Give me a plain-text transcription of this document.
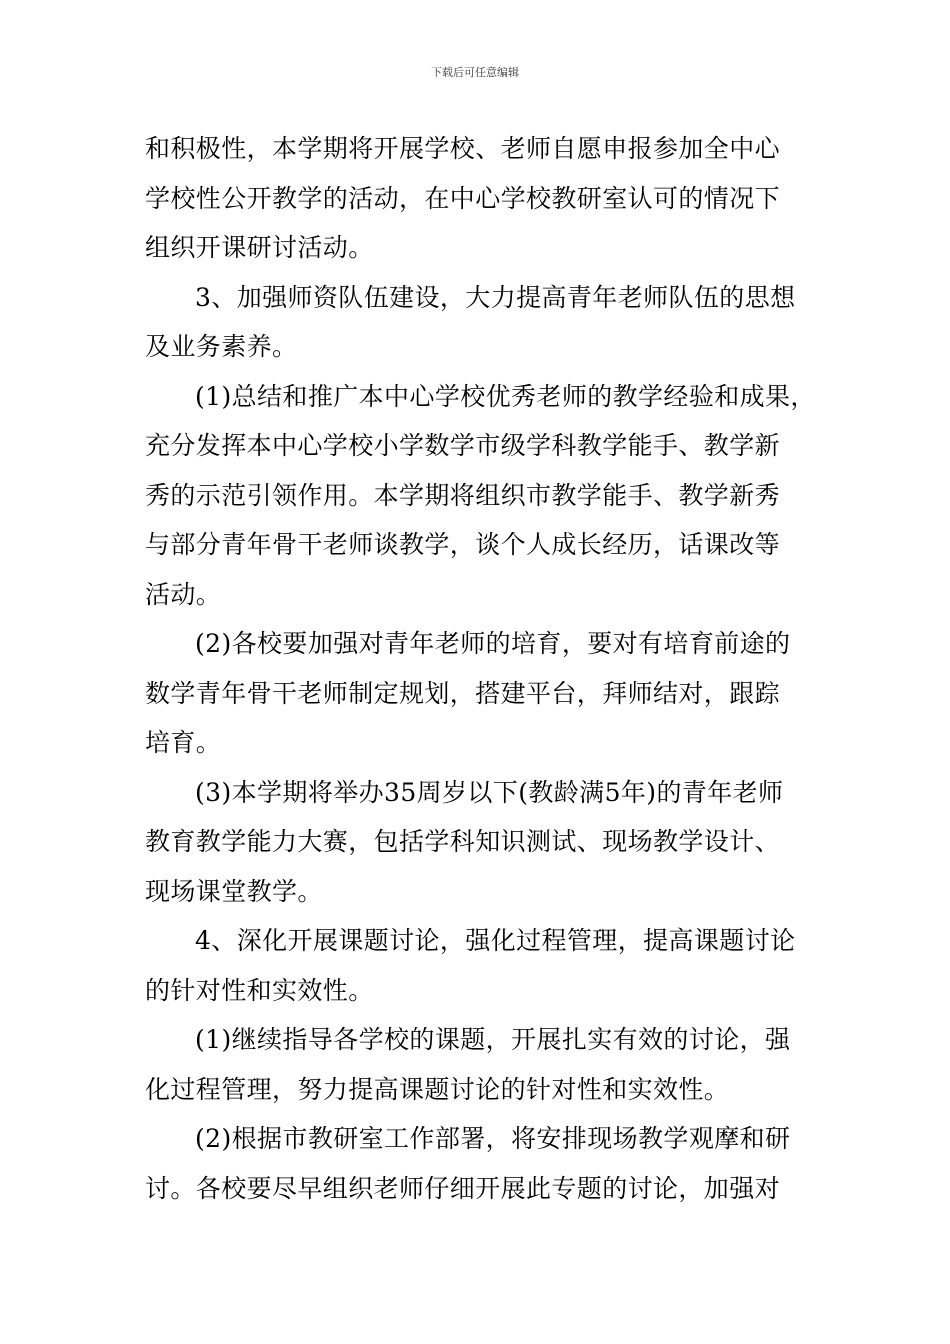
下载后可任意编辑
和积极性，本学期将开展学校、老师自愿申报参加全中心
学校性公开教学的活动，在中心学校教研室认可的情况下
组织开课研讨活动。
3、加强师资队伍建设，大力提高青年老师队伍的思想
及业务素养。
(1)总结和推广本中心学校优秀老师的教学经验和成果，
充分发挥本中心学校小学数学市级学科教学能手、教学新
秀的示范引领作用。本学期将组织市教学能手、教学新秀
与部分青年骨干老师谈教学，谈个人成长经历，话课改等
活动。
(2)各校要加强对青年老师的培育，要对有培育前途的
数学青年骨干老师制定规划，搭建平台，拜师结对，跟踪
培育。
(3)本学期将举办35周岁以下(教龄满5年)的青年老师
教育教学能力大赛，包括学科知识测试、现场教学设计、
现场课堂教学。
4、深化开展课题讨论，强化过程管理，提高课题讨论
的针对性和实效性。
(1)继续指导各学校的课题，开展扎实有效的讨论，强
化过程管理，努力提高课题讨论的针对性和实效性。
(2)根据市教研室工作部署，将安排现场教学观摩和研
讨。各校要尽早组织老师仔细开展此专题的讨论，加强对
